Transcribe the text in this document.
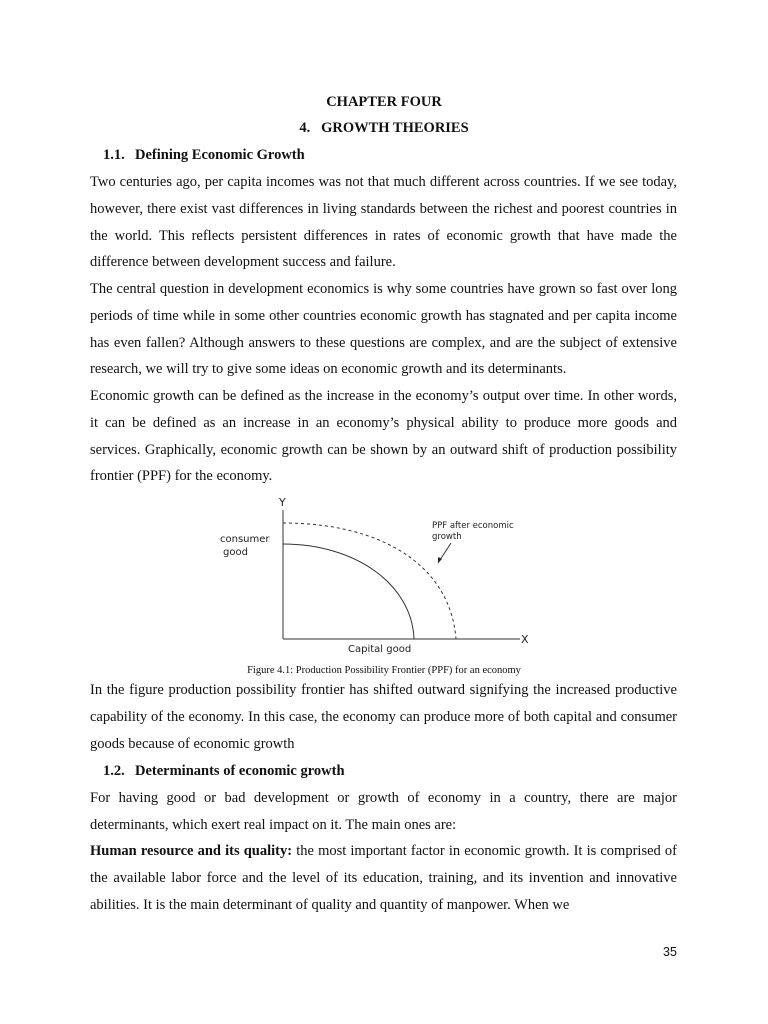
CHAPTER FOUR
4. GROWTH THEORIES
1.1. Defining Economic Growth
Two centuries ago, per capita incomes was not that much different across countries. If we see today, however, there exist vast differences in living standards between the richest and poorest countries in the world. This reflects persistent differences in rates of economic growth that have made the difference between development success and failure.
The central question in development economics is why some countries have grown so fast over long periods of time while in some other countries economic growth has stagnated and per capita income has even fallen? Although answers to these questions are complex, and are the subject of extensive research, we will try to give some ideas on economic growth and its determinants.
Economic growth can be defined as the increase in the economy’s output over time. In other words, it can be defined as an increase in an economy’s physical ability to produce more goods and services. Graphically, economic growth can be shown by an outward shift of production possibility frontier (PPF) for the economy.
Y
X
consumer
good
PPF after economic
growth
Capital good
Figure 4.1: Production Possibility Frontier (PPF) for an economy
In the figure production possibility frontier has shifted outward signifying the increased productive capability of the economy. In this case, the economy can produce more of both capital and consumer goods because of economic growth
1.2. Determinants of economic growth
For having good or bad development or growth of economy in a country, there are major determinants, which exert real impact on it. The main ones are:
Human resource and its quality: the most important factor in economic growth. It is comprised of the available labor force and the level of its education, training, and its invention and innovative abilities. It is the main determinant of quality and quantity of manpower. When we
35
